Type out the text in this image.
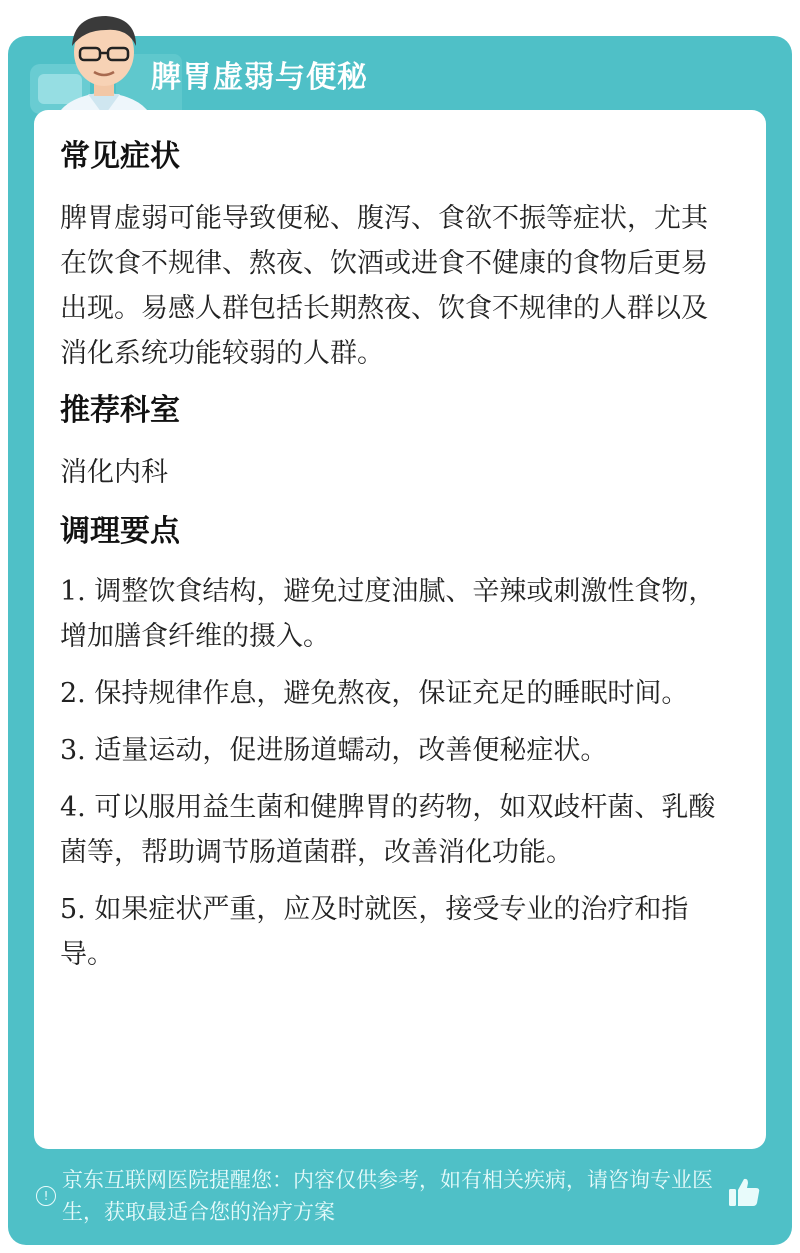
脾胃虚弱与便秘
常见症状

脾胃虚弱可能导致便秘、腹泻、食欲不振等症状，尤其在饮食不规律、熬夜、饮酒或进食不健康的食物后更易出现。易感人群包括长期熬夜、饮食不规律的人群以及消化系统功能较弱的人群。

推荐科室

消化内科

调理要点
1. 调整饮食结构，避免过度油腻、辛辣或刺激性食物，增加膳食纤维的摄入。
2. 保持规律作息，避免熬夜，保证充足的睡眠时间。
3. 适量运动，促进肠道蠕动，改善便秘症状。
4. 可以服用益生菌和健脾胃的药物，如双歧杆菌、乳酸菌等，帮助调节肠道菌群，改善消化功能。
5. 如果症状严重，应及时就医，接受专业的治疗和指导。
!
京东互联网医院提醒您：内容仅供参考，如有相关疾病，请咨询专业医生，获取最适合您的治疗方案
